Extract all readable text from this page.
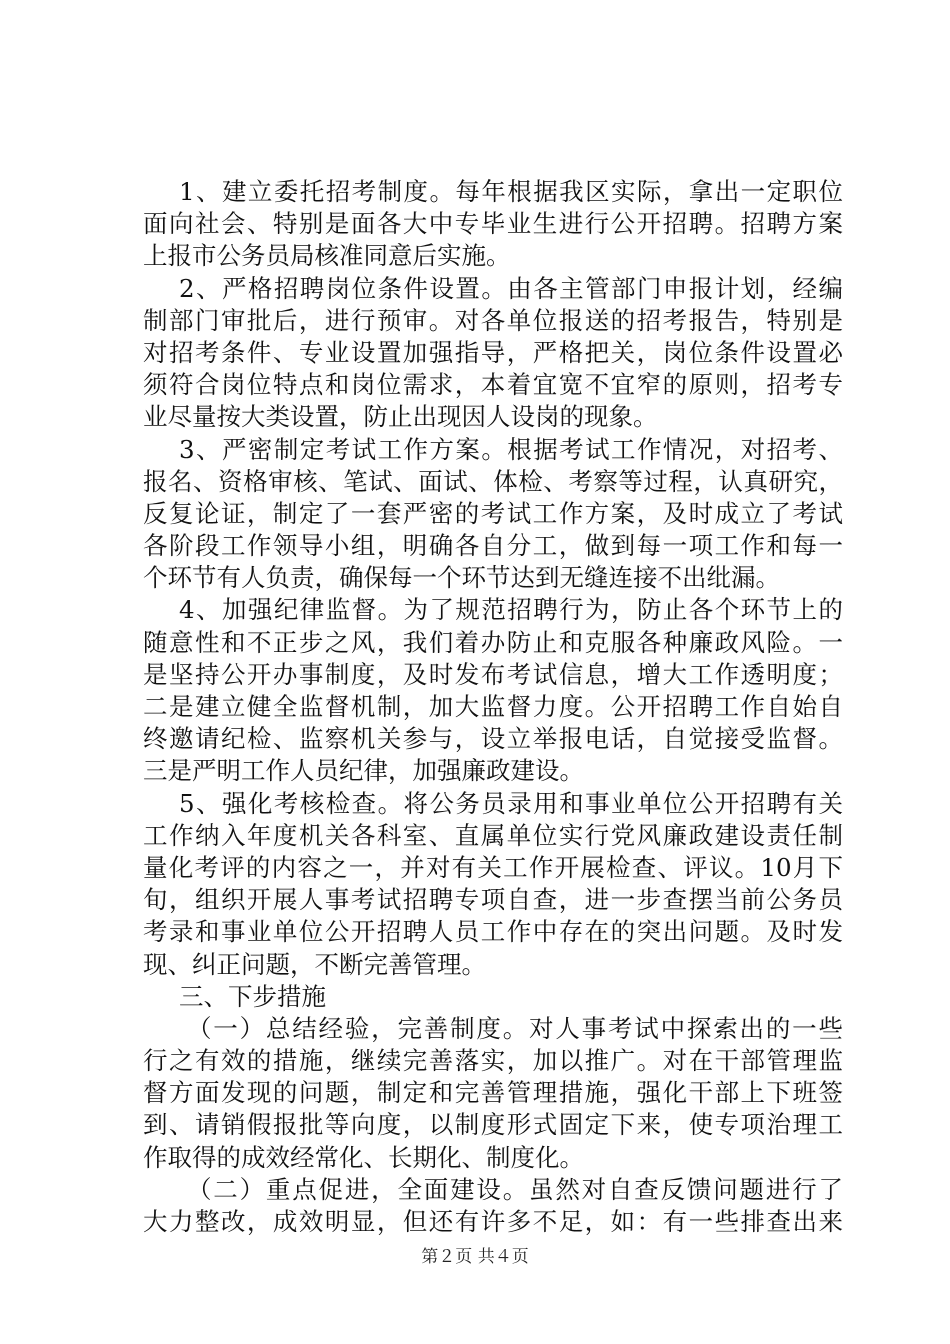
1、建立委托招考制度。每年根据我区实际，拿出一定职位
面向社会、特别是面各大中专毕业生进行公开招聘。招聘方案
上报市公务员局核准同意后实施。
2、严格招聘岗位条件设置。由各主管部门申报计划，经编
制部门审批后，进行预审。对各单位报送的招考报告，特别是
对招考条件、专业设置加强指导，严格把关，岗位条件设置必
须符合岗位特点和岗位需求，本着宜宽不宜窄的原则，招考专
业尽量按大类设置，防止出现因人设岗的现象。
3、严密制定考试工作方案。根据考试工作情况，对招考、
报名、资格审核、笔试、面试、体检、考察等过程，认真研究，
反复论证，制定了一套严密的考试工作方案，及时成立了考试
各阶段工作领导小组，明确各自分工，做到每一项工作和每一
个环节有人负责，确保每一个环节达到无缝连接不出纰漏。
4、加强纪律监督。为了规范招聘行为，防止各个环节上的
随意性和不正步之风，我们着办防止和克服各种廉政风险。一
是坚持公开办事制度，及时发布考试信息，增大工作透明度；
二是建立健全监督机制，加大监督力度。公开招聘工作自始自
终邀请纪检、监察机关参与，设立举报电话，自觉接受监督。
三是严明工作人员纪律，加强廉政建设。
5、强化考核检查。将公务员录用和事业单位公开招聘有关
工作纳入年度机关各科室、直属单位实行党风廉政建设责任制
量化考评的内容之一，并对有关工作开展检查、评议。10月下
旬，组织开展人事考试招聘专项自查，进一步查摆当前公务员
考录和事业单位公开招聘人员工作中存在的突出问题。及时发
现、纠正问题，不断完善管理。
三、下步措施
（一）总结经验，完善制度。对人事考试中探索出的一些
行之有效的措施，继续完善落实，加以推广。对在干部管理监
督方面发现的问题，制定和完善管理措施，强化干部上下班签
到、请销假报批等向度，以制度形式固定下来，使专项治理工
作取得的成效经常化、长期化、制度化。
（二）重点促进，全面建设。虽然对自查反馈问题进行了
大力整改，成效明显，但还有许多不足，如：有一些排查出来
第２页 共４页
